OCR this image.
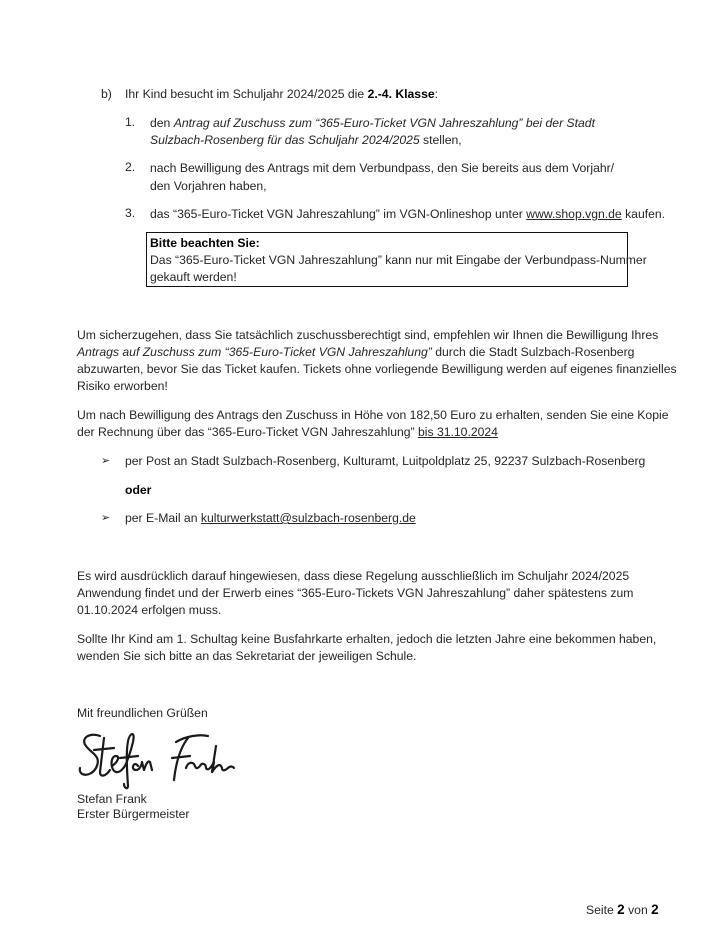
b) Ihr Kind besucht im Schuljahr 2024/2025 die 2.-4. Klasse:
1.	den Antrag auf Zuschuss zum “365-Euro-Ticket VGN Jahreszahlung” bei der Stadt
Sulzbach-Rosenberg für das Schuljahr 2024/2025 stellen,
2.	nach Bewilligung des Antrags mit dem Verbundpass, den Sie bereits aus dem Vorjahr/
den Vorjahren haben,
3.	das “365-Euro-Ticket VGN Jahreszahlung” im VGN-Onlineshop unter www.shop.vgn.de kaufen.
Bitte beachten Sie:
Das “365-Euro-Ticket VGN Jahreszahlung” kann nur mit Eingabe der Verbundpass-Nummer
gekauft werden!
Um sicherzugehen, dass Sie tatsächlich zuschussberechtigt sind, empfehlen wir Ihnen die Bewilligung Ihres
Antrags auf Zuschuss zum “365-Euro-Ticket VGN Jahreszahlung” durch die Stadt Sulzbach-Rosenberg
abzuwarten, bevor Sie das Ticket kaufen. Tickets ohne vorliegende Bewilligung werden auf eigenes finanzielles
Risiko erworben!
Um nach Bewilligung des Antrags den Zuschuss in Höhe von 182,50 Euro zu erhalten, senden Sie eine Kopie
der Rechnung über das “365-Euro-Ticket VGN Jahreszahlung” bis 31.10.2024
➢ per Post an Stadt Sulzbach-Rosenberg, Kulturamt, Luitpoldplatz 25, 92237 Sulzbach-Rosenberg
oder
➢ per E-Mail an kulturwerkstatt@sulzbach-rosenberg.de
Es wird ausdrücklich darauf hingewiesen, dass diese Regelung ausschließlich im Schuljahr 2024/2025
Anwendung findet und der Erwerb eines “365-Euro-Tickets VGN Jahreszahlung” daher spätestens zum
01.10.2024 erfolgen muss.
Sollte Ihr Kind am 1. Schultag keine Busfahrkarte erhalten, jedoch die letzten Jahre eine bekommen haben,
wenden Sie sich bitte an das Sekretariat der jeweiligen Schule.
Mit freundlichen Grüßen
Stefan Frank
Erster Bürgermeister
Seite 2 von 2
